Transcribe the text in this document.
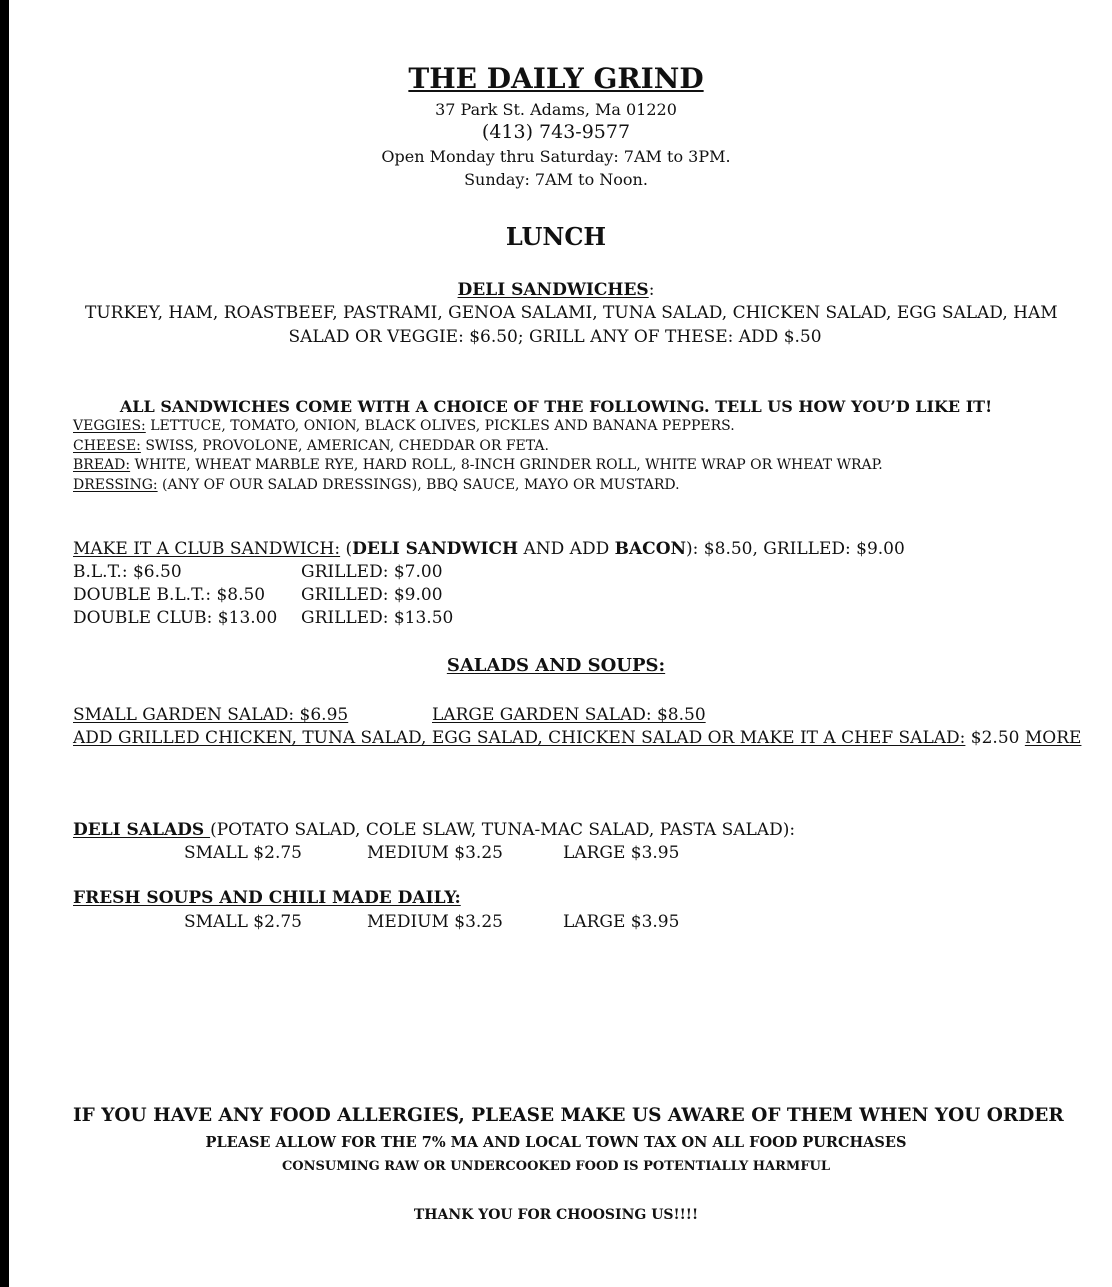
THE DAILY GRIND
37 Park St. Adams, Ma 01220
(413) 743-9577
Open Monday thru Saturday: 7AM to 3PM.
Sunday: 7AM to Noon.
LUNCH
DELI SANDWICHES:
TURKEY, HAM, ROASTBEEF, PASTRAMI, GENOA SALAMI, TUNA SALAD, CHICKEN SALAD, EGG SALAD, HAM
SALAD OR VEGGIE: $6.50; GRILL ANY OF THESE: ADD $.50
ALL SANDWICHES COME WITH A CHOICE OF THE FOLLOWING. TELL US HOW YOU’D LIKE IT!
VEGGIES: LETTUCE, TOMATO, ONION, BLACK OLIVES, PICKLES AND BANANA PEPPERS.
CHEESE: SWISS, PROVOLONE, AMERICAN, CHEDDAR OR FETA.
BREAD: WHITE, WHEAT MARBLE RYE, HARD ROLL, 8-INCH GRINDER ROLL, WHITE WRAP OR WHEAT WRAP.
DRESSING: (ANY OF OUR SALAD DRESSINGS), BBQ SAUCE, MAYO OR MUSTARD.
MAKE IT A CLUB SANDWICH: (DELI SANDWICH AND ADD BACON): $8.50, GRILLED: $9.00
B.L.T.: $6.50	GRILLED: $7.00
DOUBLE B.L.T.: $8.50 GRILLED: $9.00
DOUBLE CLUB: $13.00 GRILLED: $13.50
SALADS AND SOUPS:
SMALL GARDEN SALAD: $6.95	LARGE GARDEN SALAD: $8.50
ADD GRILLED CHICKEN, TUNA SALAD, EGG SALAD, CHICKEN SALAD OR MAKE IT A CHEF SALAD: $2.50 MORE
DELI SALADS (POTATO SALAD, COLE SLAW, TUNA-MAC SALAD, PASTA SALAD):
SMALL $2.75	MEDIUM $3.25	LARGE $3.95
FRESH SOUPS AND CHILI MADE DAILY:
SMALL $2.75	MEDIUM $3.25	LARGE $3.95
IF YOU HAVE ANY FOOD ALLERGIES, PLEASE MAKE US AWARE OF THEM WHEN YOU ORDER
PLEASE ALLOW FOR THE 7% MA AND LOCAL TOWN TAX ON ALL FOOD PURCHASES
CONSUMING RAW OR UNDERCOOKED FOOD IS POTENTIALLY HARMFUL
THANK YOU FOR CHOOSING US!!!!
